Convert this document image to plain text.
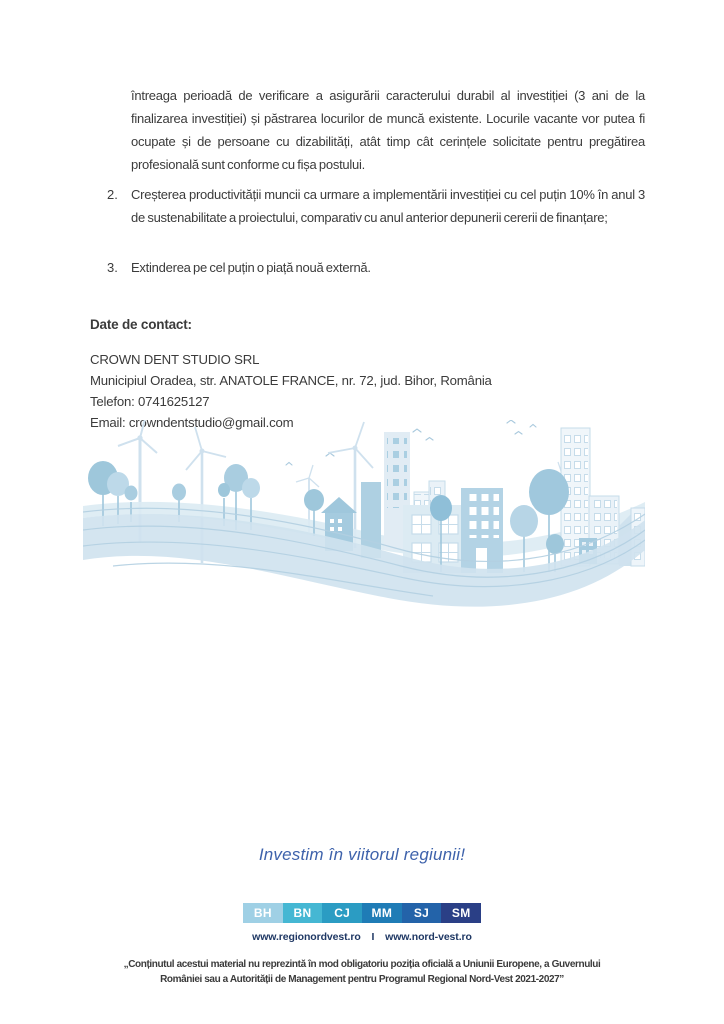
întreaga perioadă de verificare a asigurării caracterului durabil al investiției (3 ani de la finalizarea investiției) și păstrarea locurilor de muncă existente. Locurile vacante vor putea fi ocupate și de persoane cu dizabilități, atât timp cât cerințele solicitate pentru pregătirea profesională sunt conforme cu fișa postului.

2.	Creșterea productivității muncii ca urmare a implementării investiției cu cel puțin 10% în anul 3 de sustenabilitate a proiectului, comparativ cu anul anterior depunerii cererii de finanțare;

3.	Extinderea pe cel puțin o piață nouă externă.

Date de contact:
CROWN DENT STUDIO SRL
Municipiul Oradea, str. ANATOLE FRANCE, nr. 72, jud. Bihor, România
Telefon: 0741625127
Email: crowndentstudio@gmail.com
Investim în viitorul regiunii!
BH	BN	CJ	MM	SJ	SM
www.regionordvest.ro I www.nord-vest.ro
„Conținutul acestui material nu reprezintă în mod obligatoriu poziția oficială a Uniunii Europene, a Guvernului
României sau a Autorității de Management pentru Programul Regional Nord-Vest 2021-2027”
